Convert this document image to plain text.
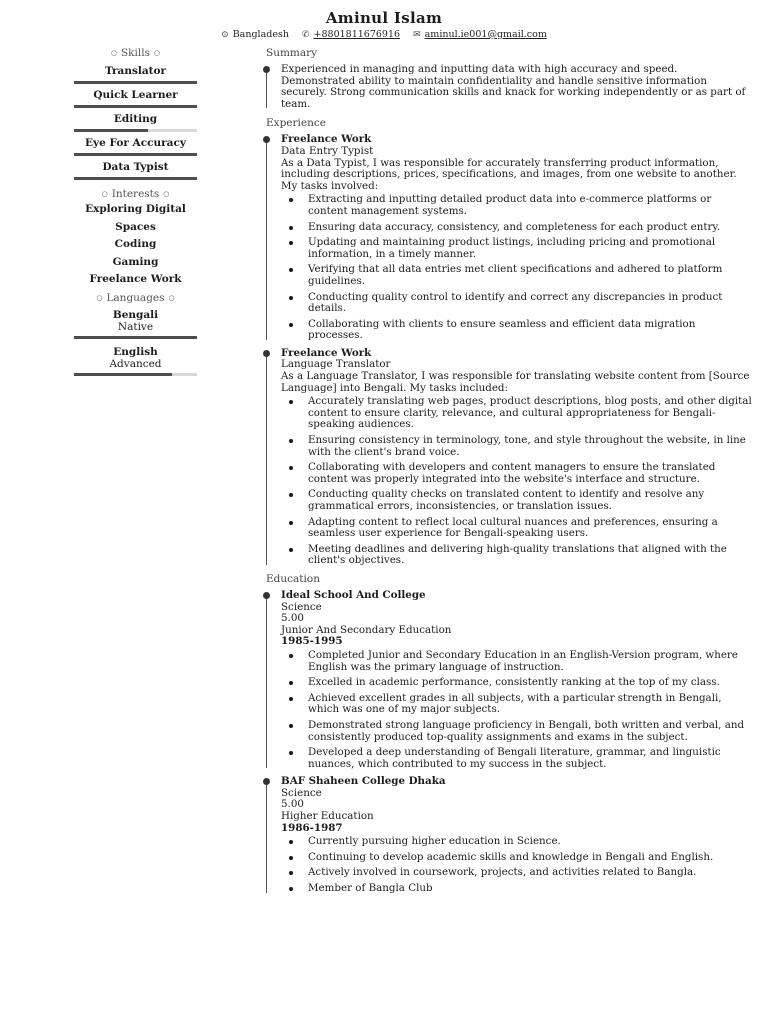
Aminul Islam
⊙ Bangladesh ✆ +8801811676916 ✉ aminul.ie001@gmail.com
○ Skills ○
Translator
Quick Learner
Editing
Eye For Accuracy
Data Typist
○ Interests ○
Exploring Digital Spaces
Coding
Gaming
Freelance Work
○ Languages ○
Bengali
Native
English
Advanced
Summary
Experienced in managing and inputting data with high accuracy and speed. Demonstrated ability to maintain confidentiality and handle sensitive information securely. Strong communication skills and knack for working independently or as part of team.
Experience
Freelance Work
Data Entry Typist
As a Data Typist, I was responsible for accurately transferring product information, including descriptions, prices, specifications, and images, from one website to another. My tasks involved:
Extracting and inputting detailed product data into e-commerce platforms or content management systems.
Ensuring data accuracy, consistency, and completeness for each product entry.
Updating and maintaining product listings, including pricing and promotional information, in a timely manner.
Verifying that all data entries met client specifications and adhered to platform guidelines.
Conducting quality control to identify and correct any discrepancies in product details.
Collaborating with clients to ensure seamless and efficient data migration processes.
Freelance Work
Language Translator
As a Language Translator, I was responsible for translating website content from [Source Language] into Bengali. My tasks included:
Accurately translating web pages, product descriptions, blog posts, and other digital content to ensure clarity, relevance, and cultural appropriateness for Bengali-speaking audiences.
Ensuring consistency in terminology, tone, and style throughout the website, in line with the client's brand voice.
Collaborating with developers and content managers to ensure the translated content was properly integrated into the website's interface and structure.
Conducting quality checks on translated content to identify and resolve any grammatical errors, inconsistencies, or translation issues.
Adapting content to reflect local cultural nuances and preferences, ensuring a seamless user experience for Bengali-speaking users.
Meeting deadlines and delivering high-quality translations that aligned with the client's objectives.
Education
Ideal School And College
Science
5.00
Junior And Secondary Education
1985-1995
Completed Junior and Secondary Education in an English-Version program, where English was the primary language of instruction.
Excelled in academic performance, consistently ranking at the top of my class.
Achieved excellent grades in all subjects, with a particular strength in Bengali, which was one of my major subjects.
Demonstrated strong language proficiency in Bengali, both written and verbal, and consistently produced top-quality assignments and exams in the subject.
Developed a deep understanding of Bengali literature, grammar, and linguistic nuances, which contributed to my success in the subject.
BAF Shaheen College Dhaka
Science
5.00
Higher Education
1986-1987
Currently pursuing higher education in Science.
Continuing to develop academic skills and knowledge in Bengali and English.
Actively involved in coursework, projects, and activities related to Bangla.
Member of Bangla Club
